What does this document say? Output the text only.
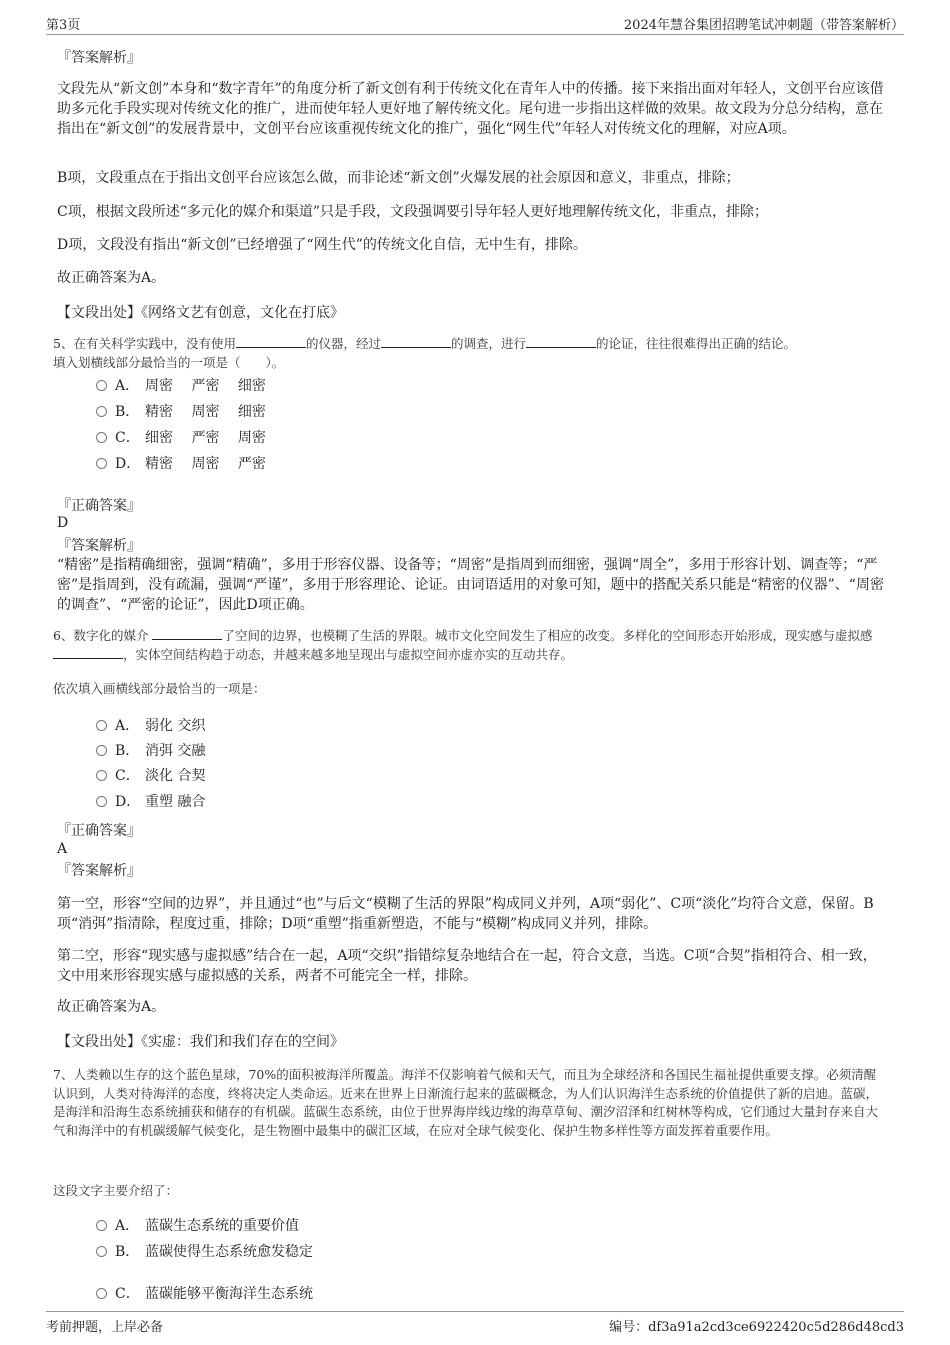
第3页	2024年慧谷集团招聘笔试冲刺题（带答案解析）
『答案解析』
文段先从“新文创”本身和“数字青年”的角度分析了新文创有利于传统文化在青年人中的传播。接下来指出面对年轻人，文创平台应该借助多元化手段实现对传统文化的推广，进而使年轻人更好地了解传统文化。尾句进一步指出这样做的效果。故文段为分总分结构，意在指出在“新文创”的发展背景中，文创平台应该重视传统文化的推广，强化“网生代”年轻人对传统文化的理解，对应A项。
B项，文段重点在于指出文创平台应该怎么做，而非论述“新文创”火爆发展的社会原因和意义，非重点，排除；
C项，根据文段所述“多元化的媒介和渠道”只是手段，文段强调要引导年轻人更好地理解传统文化，非重点，排除；
D项，文段没有指出“新文创”已经增强了“网生代”的传统文化自信，无中生有，排除。
故正确答案为A。
【文段出处】《网络文艺有创意，文化在打底》
5、在有关科学实践中，没有使用	的仪器，经过	的调查，进行	的论证，往往很难得出正确的结论。
填入划横线部分最恰当的一项是（　　）。
A． 周密　 严密　 细密
B． 精密　 周密　 细密
C． 细密　 严密　 周密
D． 精密　 周密　 严密
『正确答案』
D
『答案解析』
“精密”是指精确细密，强调“精确”，多用于形容仪器、设备等；“周密”是指周到而细密，强调“周全”，多用于形容计划、调查等；“严密”是指周到，没有疏漏，强调“严谨”，多用于形容理论、论证。由词语适用的对象可知，题中的搭配关系只能是“精密的仪器”、“周密的调查”、“严密的论证”，因此D项正确。
6、数字化的媒介	了空间的边界，也模糊了生活的界限。城市文化空间发生了相应的改变。多样化的空间形态开始形成，现实感与虚拟感 ，实体空间结构趋于动态，并越来越多地呈现出与虚拟空间亦虚亦实的互动共存。
依次填入画横线部分最恰当的一项是：
A． 弱化 交织
B． 消弭 交融
C． 淡化 合契
D． 重塑 融合
『正确答案』
A
『答案解析』
第一空，形容“空间的边界”，并且通过“也”与后文“模糊了生活的界限”构成同义并列，A项“弱化”、C项“淡化”均符合文意，保留。B项“消弭”指清除，程度过重，排除；D项“重塑”指重新塑造，不能与“模糊”构成同义并列，排除。
第二空，形容“现实感与虚拟感”结合在一起，A项“交织”指错综复杂地结合在一起，符合文意，当选。C项“合契”指相符合、相一致，文中用来形容现实感与虚拟感的关系，两者不可能完全一样，排除。
故正确答案为A。
【文段出处】《实虚：我们和我们存在的空间》
7、人类赖以生存的这个蓝色星球，70%的面积被海洋所覆盖。海洋不仅影响着气候和天气，而且为全球经济和各国民生福祉提供重要支撑。必须清醒认识到，人类对待海洋的态度，终将决定人类命运。近来在世界上日渐流行起来的蓝碳概念，为人们认识海洋生态系统的价值提供了新的启迪。蓝碳，是海洋和沿海生态系统捕获和储存的有机碳。蓝碳生态系统，由位于世界海岸线边缘的海草草甸、潮汐沼泽和红树林等构成，它们通过大量封存来自大气和海洋中的有机碳缓解气候变化，是生物圈中最集中的碳汇区域，在应对全球气候变化、保护生物多样性等方面发挥着重要作用。
这段文字主要介绍了：
A． 蓝碳生态系统的重要价值
B． 蓝碳使得生态系统愈发稳定
C． 蓝碳能够平衡海洋生态系统
考前押题，上岸必备	编号：df3a91a2cd3ce6922420c5d286d48cd3
